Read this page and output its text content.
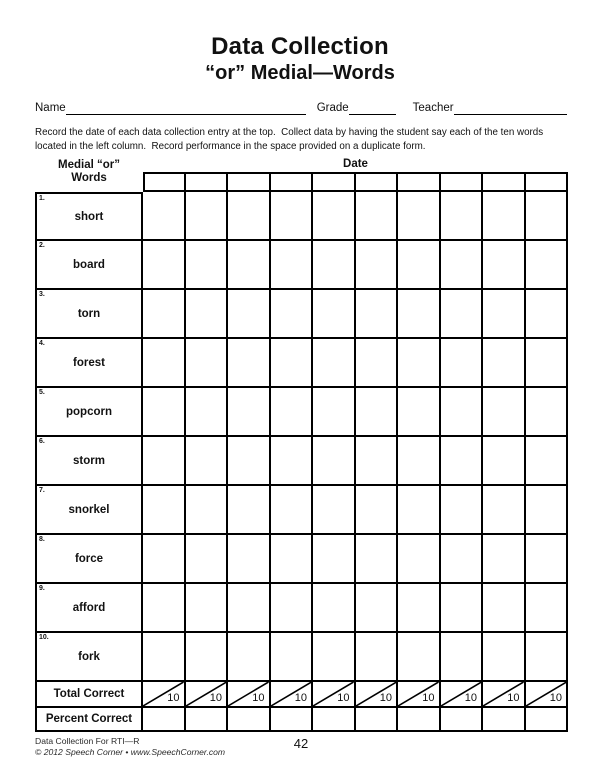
Data Collection
“or” Medial—Words
Name	Grade	Teacher
Record the date of each data collection entry at the top.  Collect data by having the student say each of the ten words located in the left column.  Record performance in the space provided on a duplicate form.
Medial “or”
Words
Date
1.
short
2.
board
3.
torn
4.
forest
5.
popcorn
6.
storm
7.
snorkel
8.
force
9.
afford
10.
fork
Total Correct	10	10	10	10	10	10	10	10	10	10
Percent Correct
Data Collection For RTI—R
© 2012 Speech Corner • www.SpeechCorner.com
42
